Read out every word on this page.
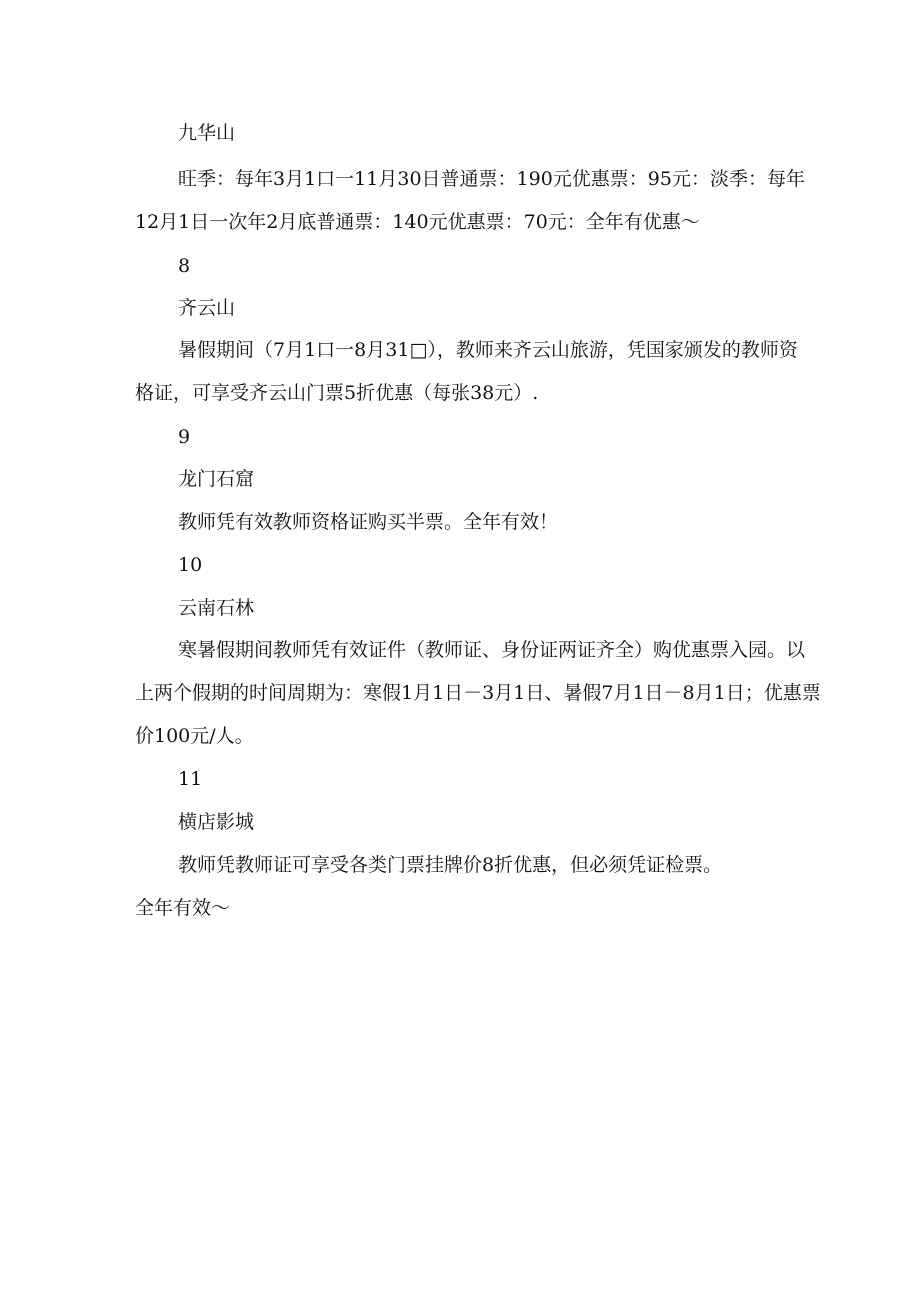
九华山
旺季：每年3月1口一11月30日普通票：190元优惠票：95元：淡季：每年
12月1日一次年2月底普通票：140元优惠票：70元：全年有优惠～
8
齐云山
暑假期间（7月1口一8月31□），教师来齐云山旅游，凭国家颁发的教师资
格证，可享受齐云山门票5折优惠（每张38元）.
9
龙门石窟
教师凭有效教师资格证购买半票。全年有效！
10
云南石林
寒暑假期间教师凭有效证件（教师证、身份证两证齐全）购优惠票入园。以
上两个假期的时间周期为：寒假1月1日－3月1日、暑假7月1日－8月1日；优惠票
价100元/人。
11
横店影城
教师凭教师证可享受各类门票挂牌价8折优惠，但必须凭证检票。
全年有效～
